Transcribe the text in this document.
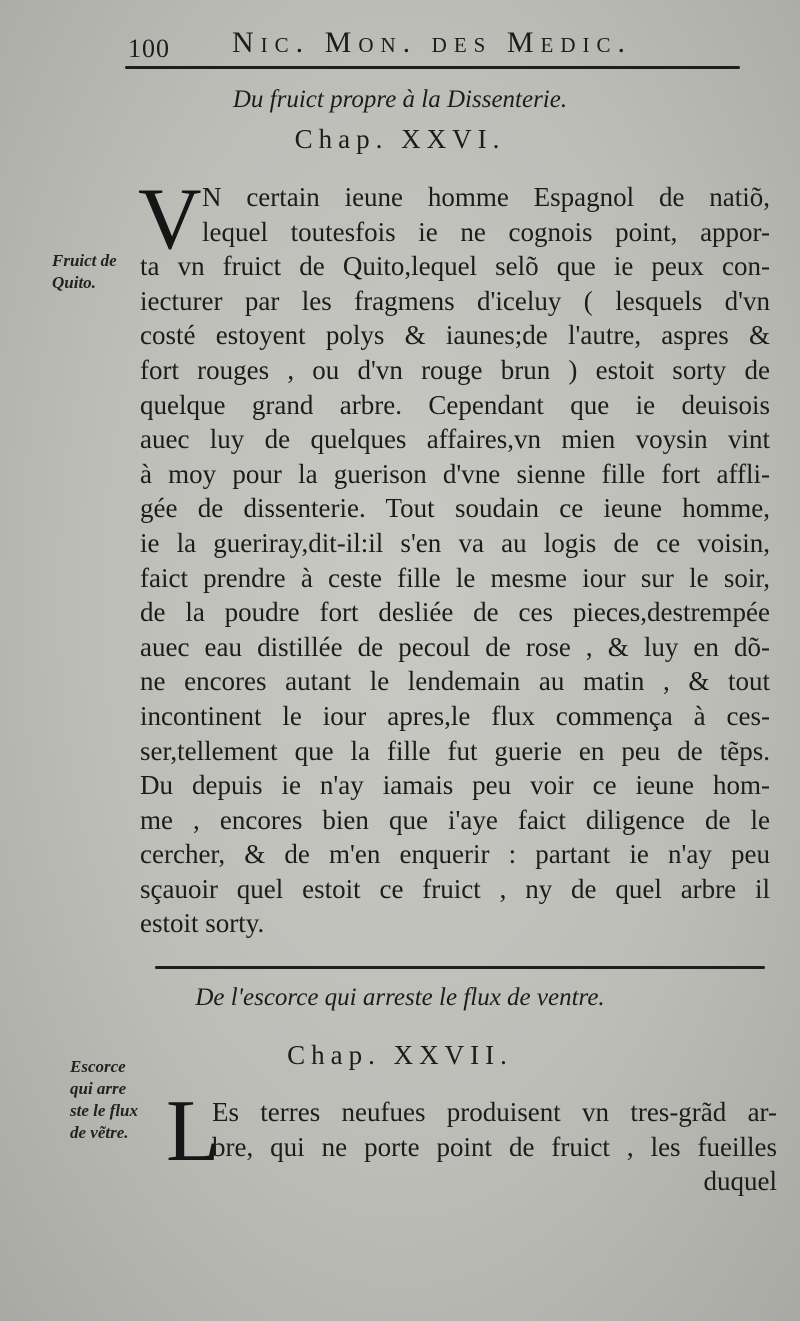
100 Nic. Mon. des Medic.
Du fruict propre à la Dissenterie.
Chap. XXVI.
V
Fruict de
Quito.
N certain ieune homme Espagnol de natiõ,
lequel toutesfois ie ne cognois point, appor-
ta vn fruict de Quito,lequel selõ que ie peux con-
iecturer par les fragmens d'iceluy ( lesquels d'vn
costé estoyent polys & iaunes;de l'autre, aspres &
fort rouges , ou d'vn rouge brun ) estoit sorty de
quelque grand arbre. Cependant que ie deuisois
auec luy de quelques affaires,vn mien voysin vint
à moy pour la guerison d'vne sienne fille fort affli-
gée de dissenterie. Tout soudain ce ieune homme,
ie la gueriray,dit-il:il s'en va au logis de ce voisin,
faict prendre à ceste fille le mesme iour sur le soir,
de la poudre fort desliée de ces pieces,destrempée
auec eau distillée de pecoul de rose , & luy en dõ-
ne encores autant le lendemain au matin , & tout
incontinent le iour apres,le flux commença à ces-
ser,tellement que la fille fut guerie en peu de tẽps.
Du depuis ie n'ay iamais peu voir ce ieune hom-
me , encores bien que i'aye faict diligence de le
cercher, & de m'en enquerir : partant ie n'ay peu
sçauoir quel estoit ce fruict , ny de quel arbre il
estoit sorty.
De l'escorce qui arreste le flux de ventre.
Chap. XXVII.
Escorce
qui arre
ste le flux
de vẽtre. L
Es terres neufues produisent vn tres-grãd ar-
bre, qui ne porte point de fruict , les fueilles
duquel
